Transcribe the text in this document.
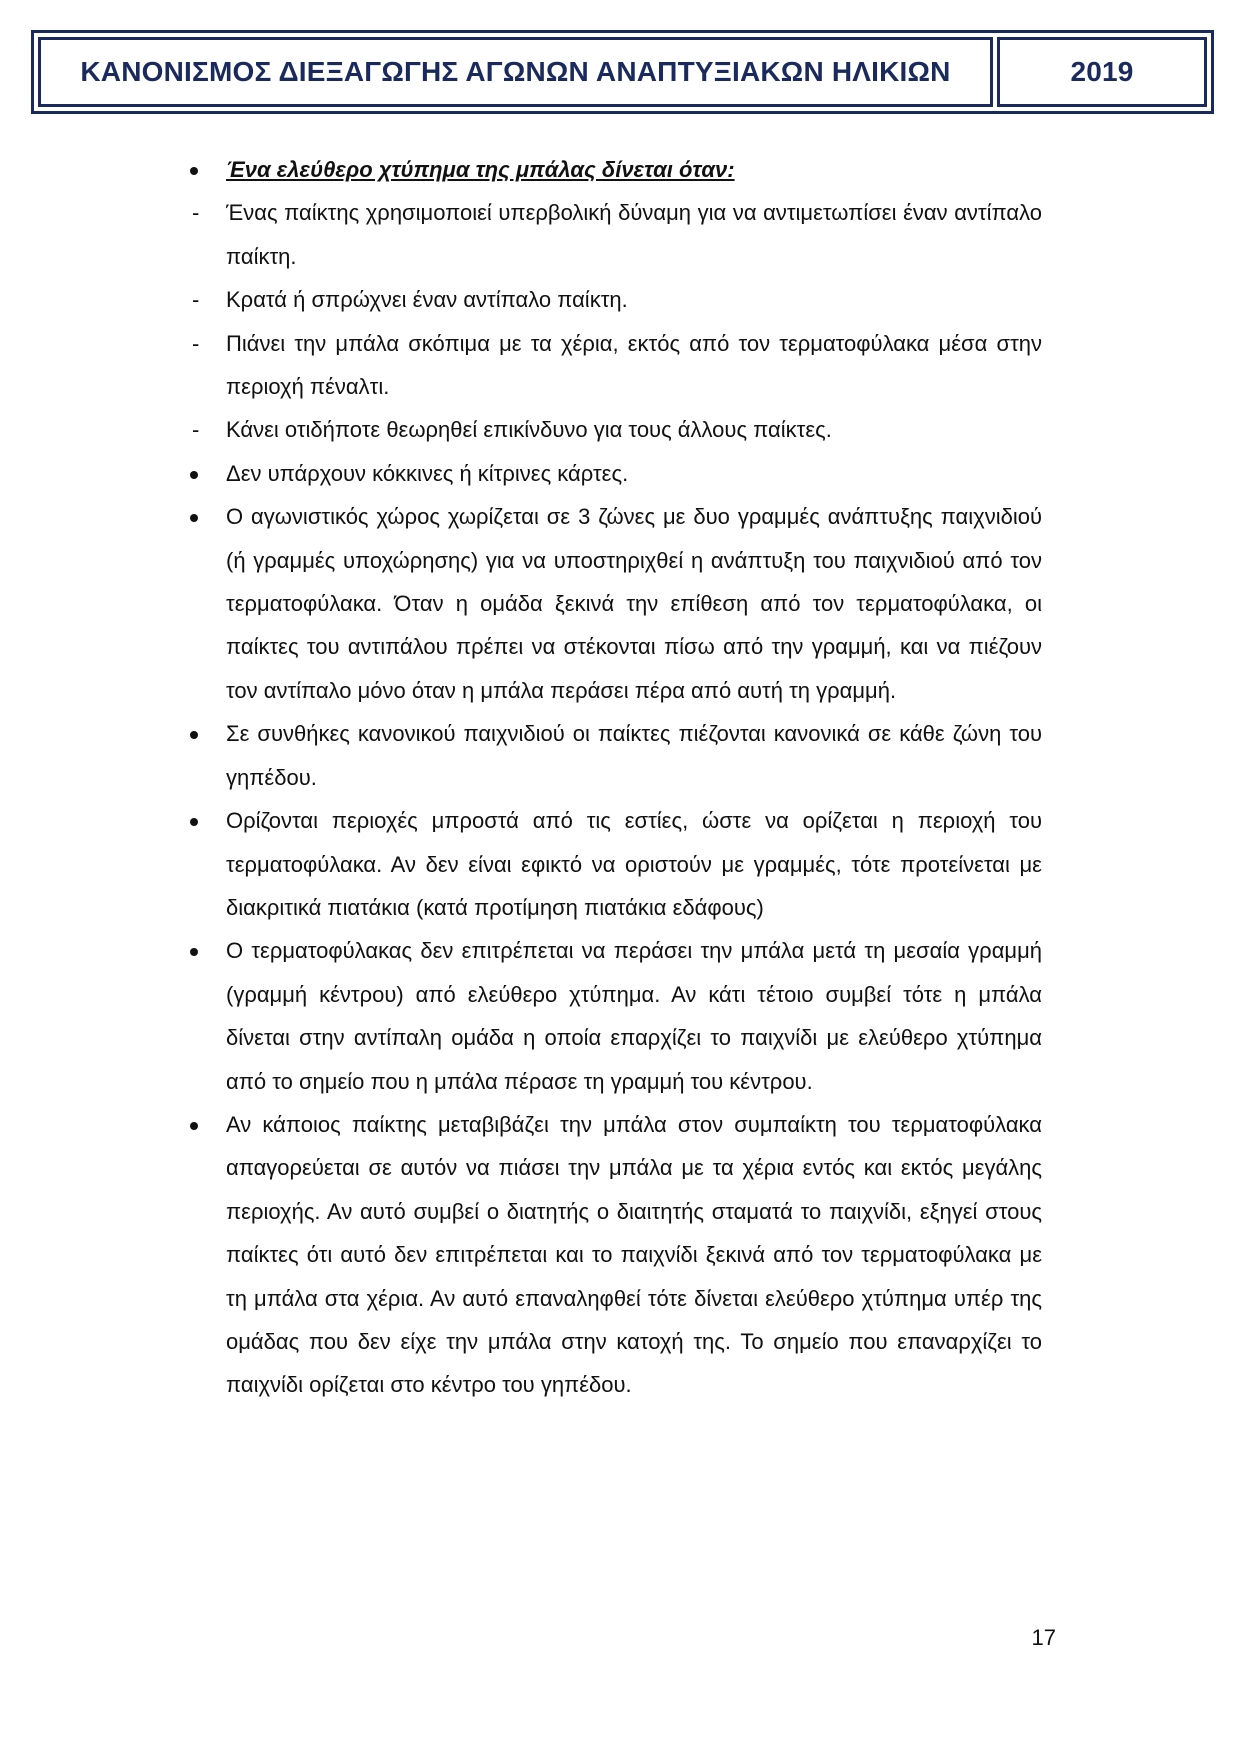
ΚΑΝΟΝΙΣΜΟΣ ΔΙΕΞΑΓΩΓΗΣ ΑΓΩΝΩΝ ΑΝΑΠΤΥΞΙΑΚΩΝ ΗΛΙΚΙΩΝ	2019
Ένα ελεύθερο χτύπημα της μπάλας δίνεται όταν:
- Ένας παίκτης χρησιμοποιεί υπερβολική δύναμη για να αντιμετωπίσει έναν αντίπαλο παίκτη.
- Κρατά ή σπρώχνει έναν αντίπαλο παίκτη.
- Πιάνει την μπάλα σκόπιμα με τα χέρια, εκτός από τον τερματοφύλακα μέσα στην περιοχή πέναλτι.
- Κάνει οτιδήποτε θεωρηθεί επικίνδυνο για τους άλλους παίκτες.
Δεν υπάρχουν κόκκινες ή κίτρινες κάρτες.
Ο αγωνιστικός χώρος χωρίζεται σε 3 ζώνες με δυο γραμμές ανάπτυξης παιχνιδιού (ή γραμμές υποχώρησης) για να υποστηριχθεί η ανάπτυξη του παιχνιδιού από τον τερματοφύλακα. Όταν η ομάδα ξεκινά την επίθεση από τον τερματοφύλακα, οι παίκτες του αντιπάλου πρέπει να στέκονται πίσω από την γραμμή, και να πιέζουν τον αντίπαλο μόνο όταν η μπάλα περάσει πέρα από αυτή τη γραμμή.
Σε συνθήκες κανονικού παιχνιδιού οι παίκτες πιέζονται κανονικά σε κάθε ζώνη του γηπέδου.
Ορίζονται περιοχές μπροστά από τις εστίες, ώστε να ορίζεται η περιοχή του τερματοφύλακα. Αν δεν είναι εφικτό να οριστούν με γραμμές, τότε προτείνεται με διακριτικά πιατάκια (κατά προτίμηση πιατάκια εδάφους)
Ο τερματοφύλακας δεν επιτρέπεται να περάσει την μπάλα μετά τη μεσαία γραμμή (γραμμή κέντρου) από ελεύθερο χτύπημα. Αν κάτι τέτοιο συμβεί τότε η μπάλα δίνεται στην αντίπαλη ομάδα η οποία επαρχίζει το παιχνίδι με ελεύθερο χτύπημα από το σημείο που η μπάλα πέρασε τη γραμμή του κέντρου.
Αν κάποιος παίκτης μεταβιβάζει την μπάλα στον συμπαίκτη του τερματοφύλακα απαγορεύεται σε αυτόν να πιάσει την μπάλα με τα χέρια εντός και εκτός μεγάλης περιοχής. Αν αυτό συμβεί ο διατητής ο διαιτητής σταματά το παιχνίδι, εξηγεί στους παίκτες ότι αυτό δεν επιτρέπεται και το παιχνίδι ξεκινά από τον τερματοφύλακα με τη μπάλα στα χέρια. Αν αυτό επαναληφθεί τότε δίνεται ελεύθερο χτύπημα υπέρ της ομάδας που δεν είχε την μπάλα στην κατοχή της. Το σημείο που επαναρχίζει το παιχνίδι ορίζεται στο κέντρο του γηπέδου.
17
